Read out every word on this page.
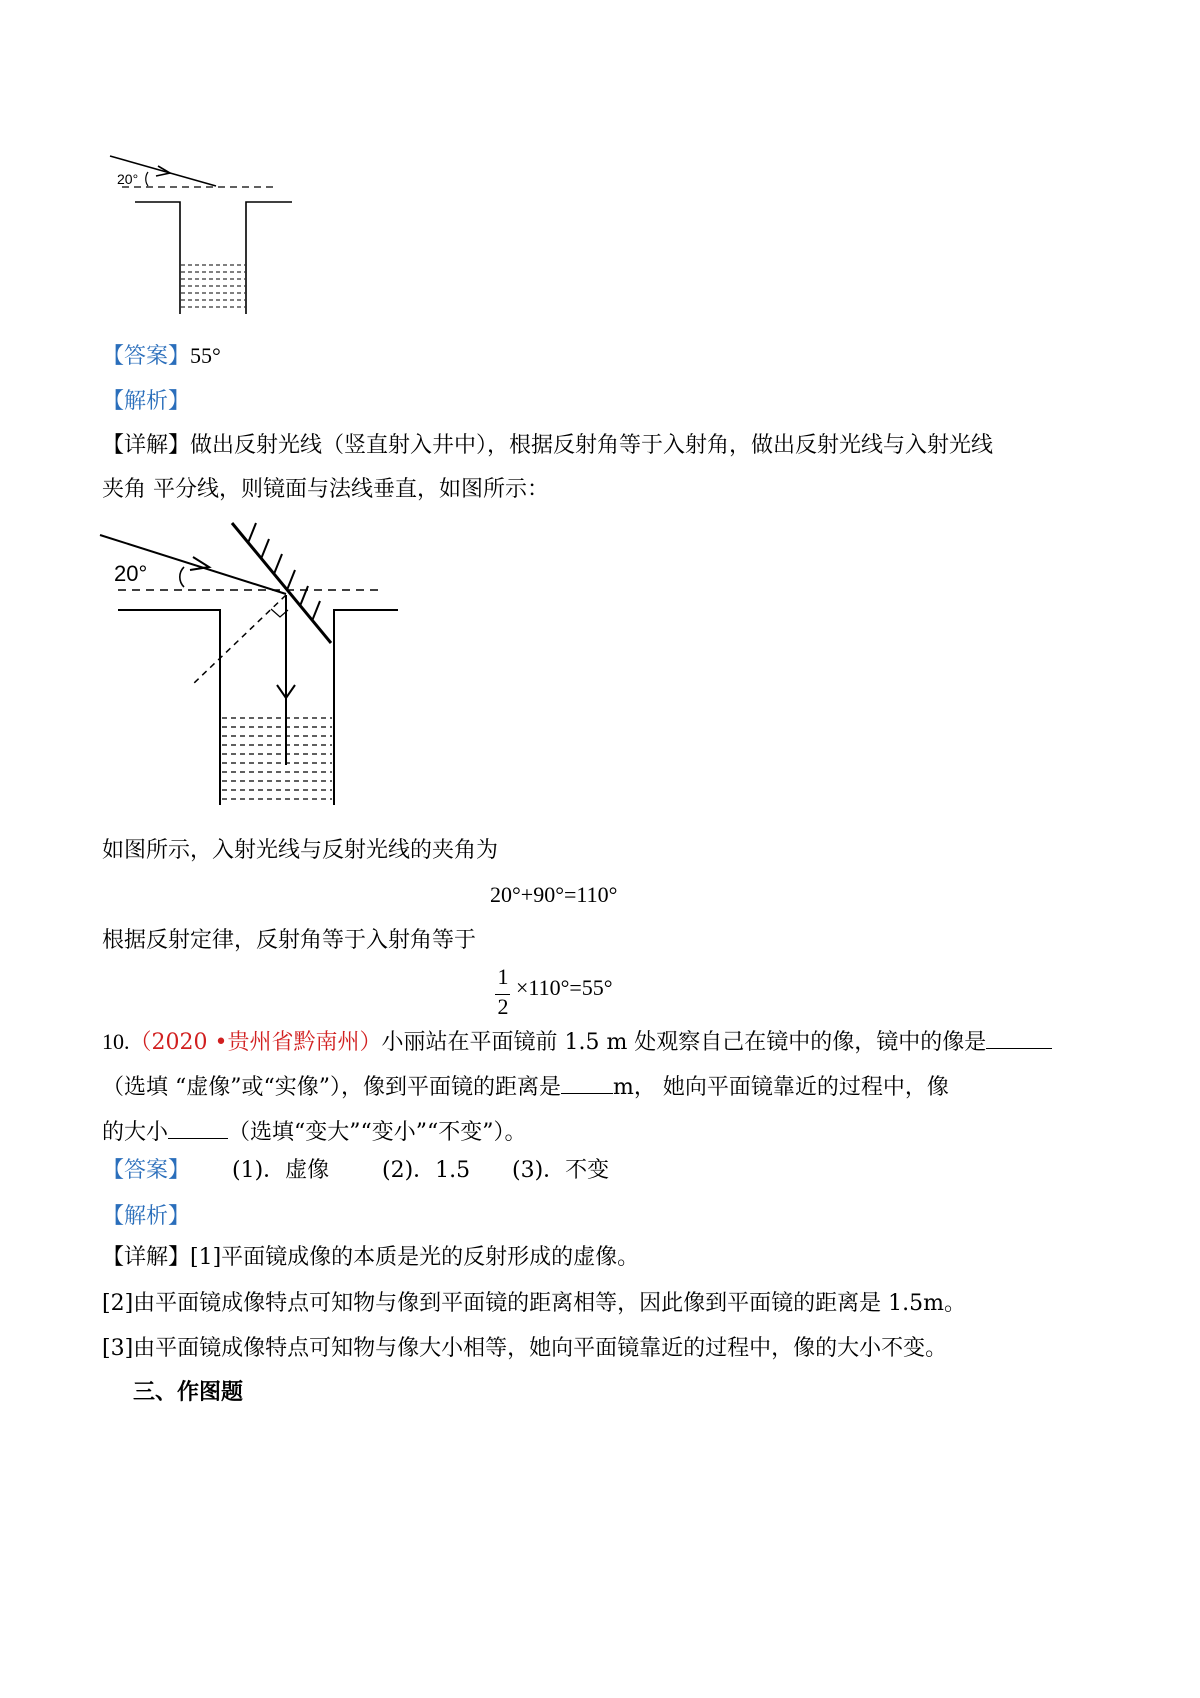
20°
【答案】55°
【解析】
【详解】做出反射光线（竖直射入井中），根据反射角等于入射角，做出反射光线与入射光线
夹角 平分线，则镜面与法线垂直，如图所示：
20°
如图所示，入射光线与反射光线的夹角为
20°+90°=110°
根据反射定律，反射角等于入射角等于
1
2
×110°=55°
10.（2020 •贵州省黔南州）小丽站在平面镜前 1.5 m 处观察自己在镜中的像，镜中的像是
（选填 “虚像”或“实像”），像到平面镜的距离是 m， 她向平面镜靠近的过程中，像
的大小	（选填“变大”“变小”“不变”）。
【答案】 (1)．虚像 (2)．1.5 (3)．不变
【解析】
【详解】[1]平面镜成像的本质是光的反射形成的虚像。
[2]由平面镜成像特点可知物与像到平面镜的距离相等，因此像到平面镜的距离是 1.5m。
[3]由平面镜成像特点可知物与像大小相等，她向平面镜靠近的过程中，像的大小不变。
三、作图题
